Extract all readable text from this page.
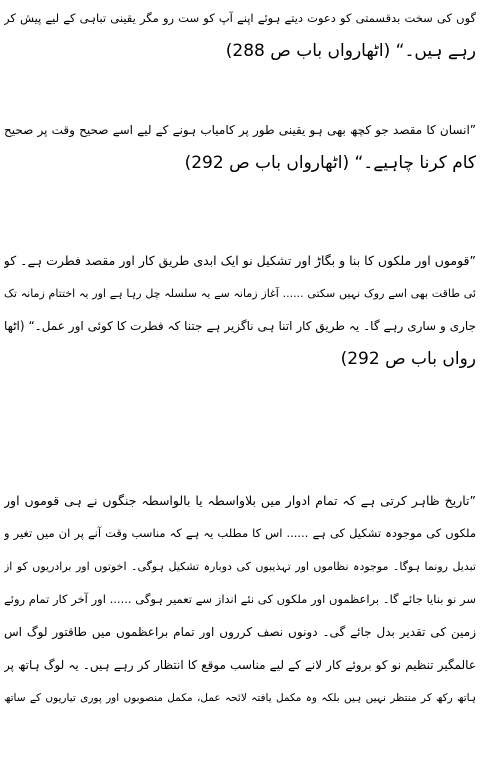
گوں کی سخت بدقسمتی کو دعوت دیتے ہوئے اپنے آپ کو ست رو مگر یقینی تباہی کے لیے پیش کر
رہے ہیں۔“ (اٹھارواں باب ص 288)
”انسان کا مقصد جو کچھ بھی ہو یقینی طور پر کامیاب ہونے کے لیے اسے صحیح وقت پر صحیح
کام کرنا چاہیے۔“ (اٹھارواں باب ص 292)
”قوموں اور ملکوں کا بنا و بگاڑ اور تشکیل نو ایک ابدی طریق کار اور مقصد فطرت ہے۔ کو
ئی طاقت بھی اسے روک نہیں سکتی ...... آغاز زمانہ سے یہ سلسلہ چل رہا ہے اور یہ اختتام زمانہ تک
جاری و ساری رہے گا۔ یہ طریق کار اتنا ہی ناگزیر ہے جتنا کہ فطرت کا کوئی اور عمل۔“ (اٹھا
رواں باب ص 292)
”تاریخ ظاہر کرتی ہے کہ تمام ادوار میں بلاواسطہ یا بالواسطہ جنگوں نے ہی قوموں اور
ملکوں کی موجودہ تشکیل کی ہے ...... اس کا مطلب یہ ہے کہ مناسب وقت آنے پر ان میں تغیر و
تبدیل رونما ہوگا۔ موجودہ نظاموں اور تہذیبوں کی دوبارہ تشکیل ہوگی۔ اخوتوں اور برادریوں کو از
سر نو بنایا جائے گا۔ براعظموں اور ملکوں کی نئے انداز سے تعمیر ہوگی ...... اور آخر کار تمام روئے
زمین کی تقدیر بدل جائے گی۔ دونوں نصف کرروں اور تمام براعظموں میں طاقتور لوگ اس
عالمگیر تنظیم نو کو بروئے کار لانے کے لیے مناسب موقع کا انتظار کر رہے ہیں۔ یہ لوگ ہاتھ پر
ہاتھ رکھ کر منتظر نہیں ہیں بلکہ وہ مکمل یافتہ لائحہ عمل، مکمل منصوبوں اور پوری تیاریوں کے ساتھ
